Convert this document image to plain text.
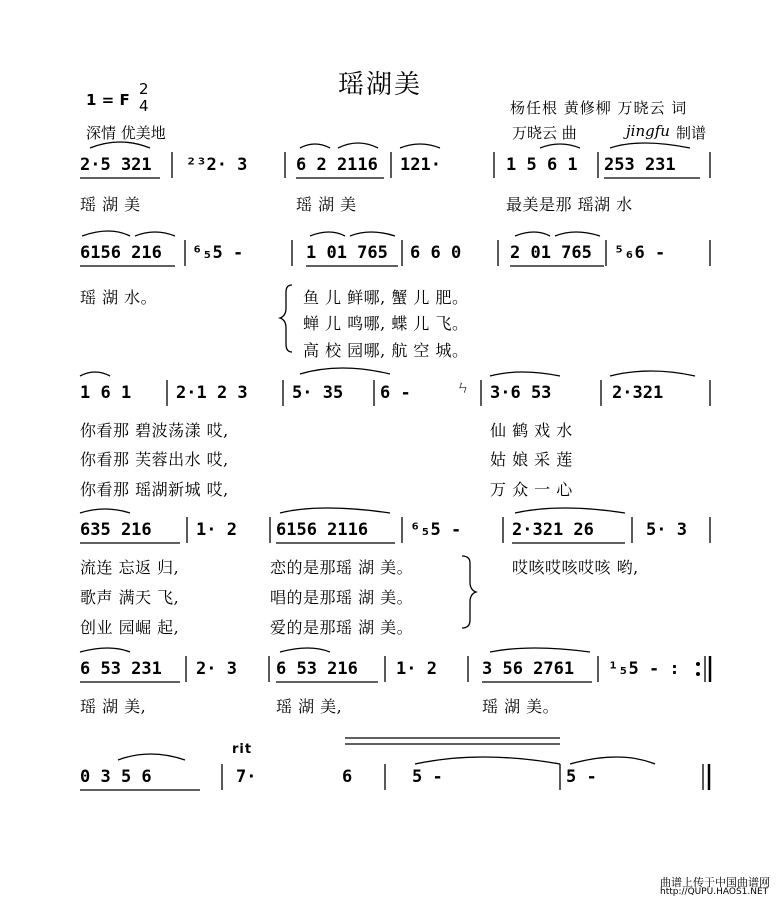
瑶湖美
1 = F
2
4
深情 优美地
杨任根 黄修柳 万晓云 词
万晓云 曲	jingfu 制谱
ㄣ
2·5 321 ²³2· 3	6 2 2116 121·	1 5 6 1 253 231
瑶 湖 美	瑶 湖 美	最美是那 瑶湖 水
6156 216 ⁶₅5 -	1 01 765 6 6 0	2 01 765 ⁵₆6 -
瑶 湖 水。	鱼 儿 鲜哪, 蟹 儿 肥。
蝉 儿 鸣哪, 蝶 儿 飞。
高 校 园哪, 航 空 城。
1 6 1	2·1 2 3	5· 35 6 -	3·6 53	2·321
你看那 碧波荡漾 哎,
你看那 芙蓉出水 哎,
你看那 瑶湖新城 哎,
仙 鹤 戏 水
姑 娘 采 莲
万 众 一 心
635 216	1· 2 6156 2116 ⁶₅5 -	2·321 26	5· 3
流连 忘返 归,
歌声 满天 飞,
创业 园崛 起,
恋的是那瑶 湖 美。
唱的是那瑶 湖 美。
爱的是那瑶 湖 美。
哎咳哎咳哎咳 哟,
6 53 231 2· 3 6 53 216 1· 2	3 56 2761 ¹₅5 - :
瑶 湖 美,	瑶 湖 美,	瑶 湖 美。
rit
0 3 5 6	7·	6	5 -	5 -
曲谱上传于中国曲谱网
http://QUPU.HAOS1.NET
